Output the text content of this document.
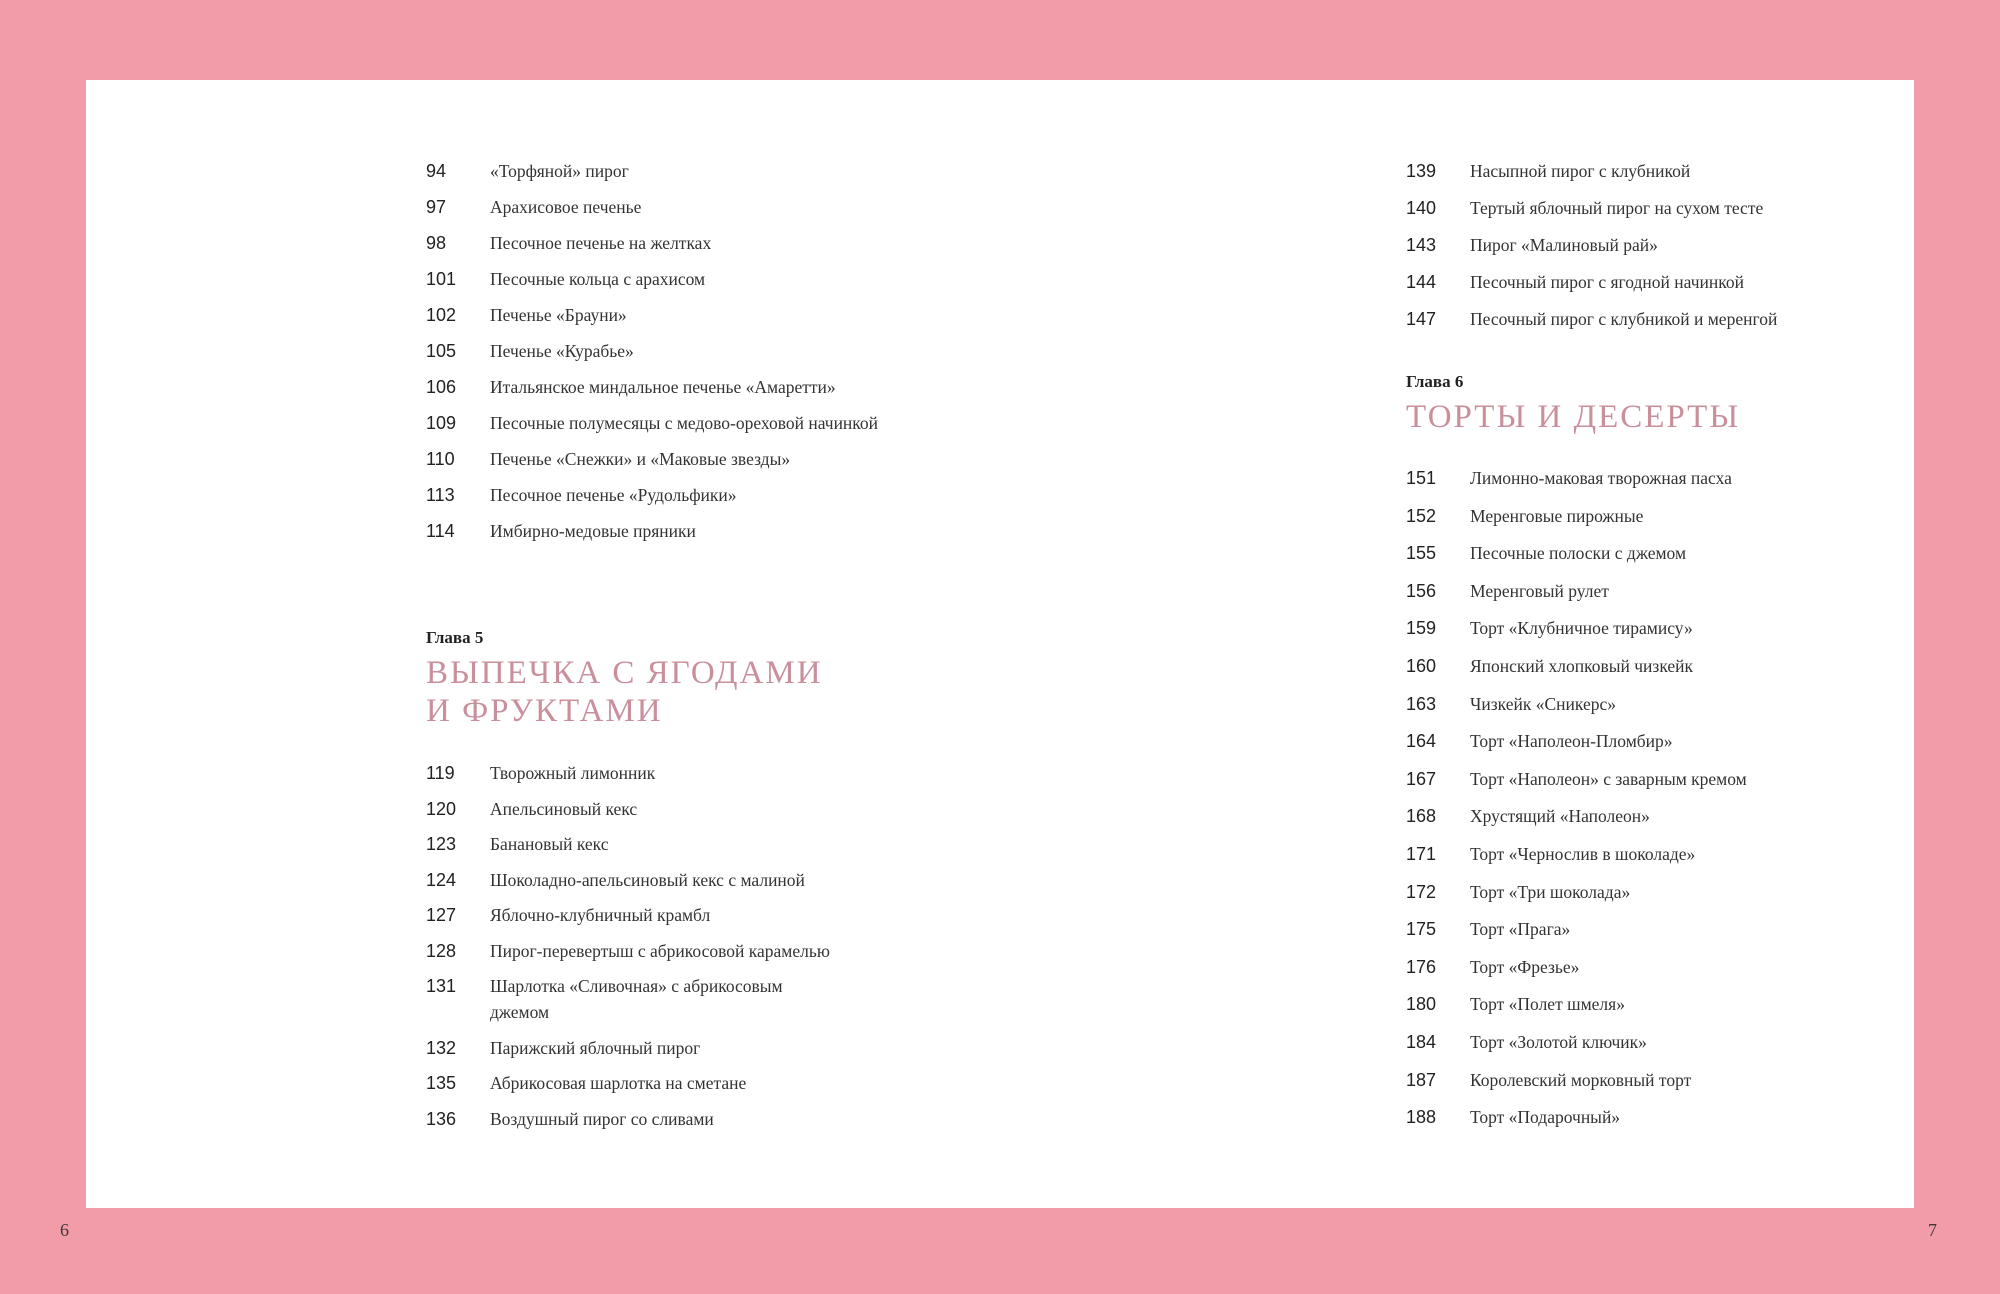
94	«Торфяной» пирог
97	Арахисовое печенье
98	Песочное печенье на желтках
101	Песочные кольца с арахисом
102	Печенье «Брауни»
105	Печенье «Курабье»
106	Итальянское миндальное печенье «Амаретти»
109	Песочные полумесяцы с медово-ореховой начинкой
110	Печенье «Снежки» и «Маковые звезды»
113	Песочное печенье «Рудольфики»
114	Имбирно-медовые пряники

Глава 5

ВЫПЕЧКА С ЯГОДАМИ
И ФРУКТАМИ
119	Творожный лимонник
120	Апельсиновый кекс
123	Банановый кекс
124	Шоколадно-апельсиновый кекс с малиной
127	Яблочно-клубничный крамбл
128	Пирог-перевертыш с абрикосовой карамелью
131	Шарлотка «Сливочная» с абрикосовым джемом
132	Парижский яблочный пирог
135	Абрикосовая шарлотка на сметане
136	Воздушный пирог со сливами
139	Насыпной пирог с клубникой
140	Тертый яблочный пирог на сухом тесте
143	Пирог «Малиновый рай»
144	Песочный пирог с ягодной начинкой
147	Песочный пирог с клубникой и меренгой

Глава 6

ТОРТЫ И ДЕСЕРТЫ
151	Лимонно-маковая творожная пасха
152	Меренговые пирожные
155	Песочные полоски с джемом
156	Меренговый рулет
159	Торт «Клубничное тирамису»
160	Японский хлопковый чизкейк
163	Чизкейк «Сникерс»
164	Торт «Наполеон-Пломбир»
167	Торт «Наполеон» с заварным кремом
168	Хрустящий «Наполеон»
171	Торт «Чернослив в шоколаде»
172	Торт «Три шоколада»
175	Торт «Прага»
176	Торт «Фрезье»
180	Торт «Полет шмеля»
184	Торт «Золотой ключик»
187	Королевский морковный торт
188	Торт «Подарочный»
6	7
